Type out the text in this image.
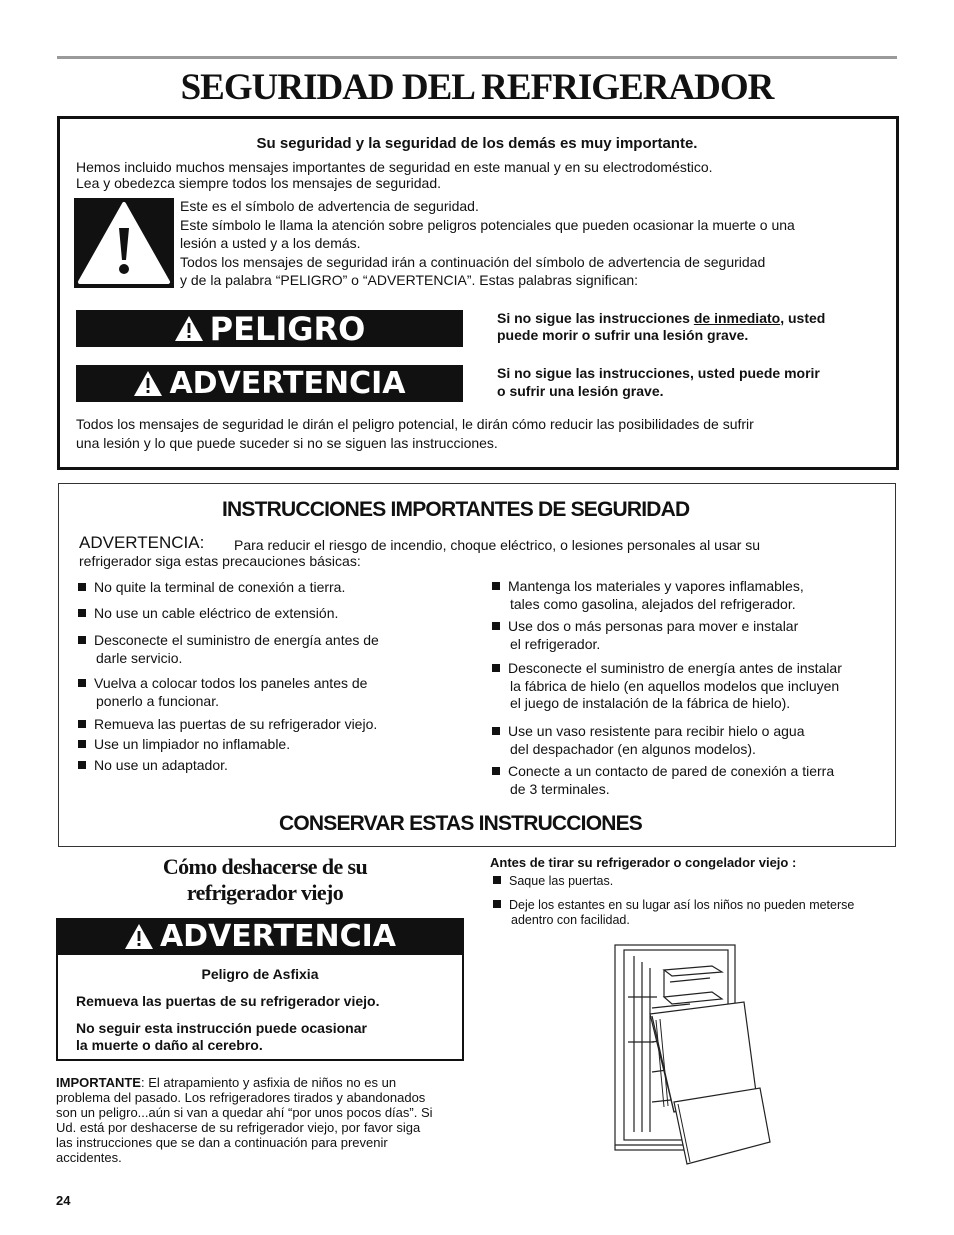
SEGURIDAD DEL REFRIGERADOR
Su seguridad y la seguridad de los demás es muy importante.
Hemos incluido muchos mensajes importantes de seguridad en este manual y en su electrodoméstico.
Lea y obedezca siempre todos los mensajes de seguridad.
Este es el símbolo de advertencia de seguridad.
Este símbolo le llama la atención sobre peligros potenciales que pueden ocasionar la muerte o una
lesión a usted y a los demás.
Todos los mensajes de seguridad irán a continuación del símbolo de advertencia de seguridad
y de la palabra “PELIGRO” o “ADVERTENCIA”. Estas palabras significan:
PELIGRO	Si no sigue las instrucciones de inmediato, usted
puede morir o sufrir una lesión grave.
ADVERTENCIA	Si no sigue las instrucciones, usted puede morir
o sufrir una lesión grave.
Todos los mensajes de seguridad le dirán el peligro potencial, le dirán cómo reducir las posibilidades de sufrir
una lesión y lo que puede suceder si no se siguen las instrucciones.
INSTRUCCIONES IMPORTANTES DE SEGURIDAD
ADVERTENCIA: Para reducir el riesgo de incendio, choque eléctrico, o lesiones personales al usar su
refrigerador siga estas precauciones básicas:
No quite la terminal de conexión a tierra.
No use un cable eléctrico de extensión.
Desconecte el suministro de energía antes de
darle servicio.
Vuelva a colocar todos los paneles antes de
ponerlo a funcionar.
Remueva las puertas de su refrigerador viejo.
Use un limpiador no inflamable.
No use un adaptador.
Mantenga los materiales y vapores inflamables,
tales como gasolina, alejados del refrigerador.
Use dos o más personas para mover e instalar
el refrigerador.
Desconecte el suministro de energía antes de instalar
la fábrica de hielo (en aquellos modelos que incluyen
el juego de instalación de la fábrica de hielo).
Use un vaso resistente para recibir hielo o agua
del despachador (en algunos modelos).
Conecte a un contacto de pared de conexión a tierra
de 3 terminales.
CONSERVAR ESTAS INSTRUCCIONES
Cómo deshacerse de su
refrigerador viejo
ADVERTENCIA
Peligro de Asfixia
Remueva las puertas de su refrigerador viejo.
No seguir esta instrucción puede ocasionar
la muerte o daño al cerebro.
IMPORTANTE: El atrapamiento y asfixia de niños no es un
problema del pasado. Los refrigeradores tirados y abandonados
son un peligro...aún si van a quedar ahí “por unos pocos días”. Si
Ud. está por deshacerse de su refrigerador viejo, por favor siga
las instrucciones que se dan a continuación para prevenir
accidentes.
Antes de tirar su refrigerador o congelador viejo :
Saque las puertas.
Deje los estantes en su lugar así los niños no pueden meterse
adentro con facilidad.
24
